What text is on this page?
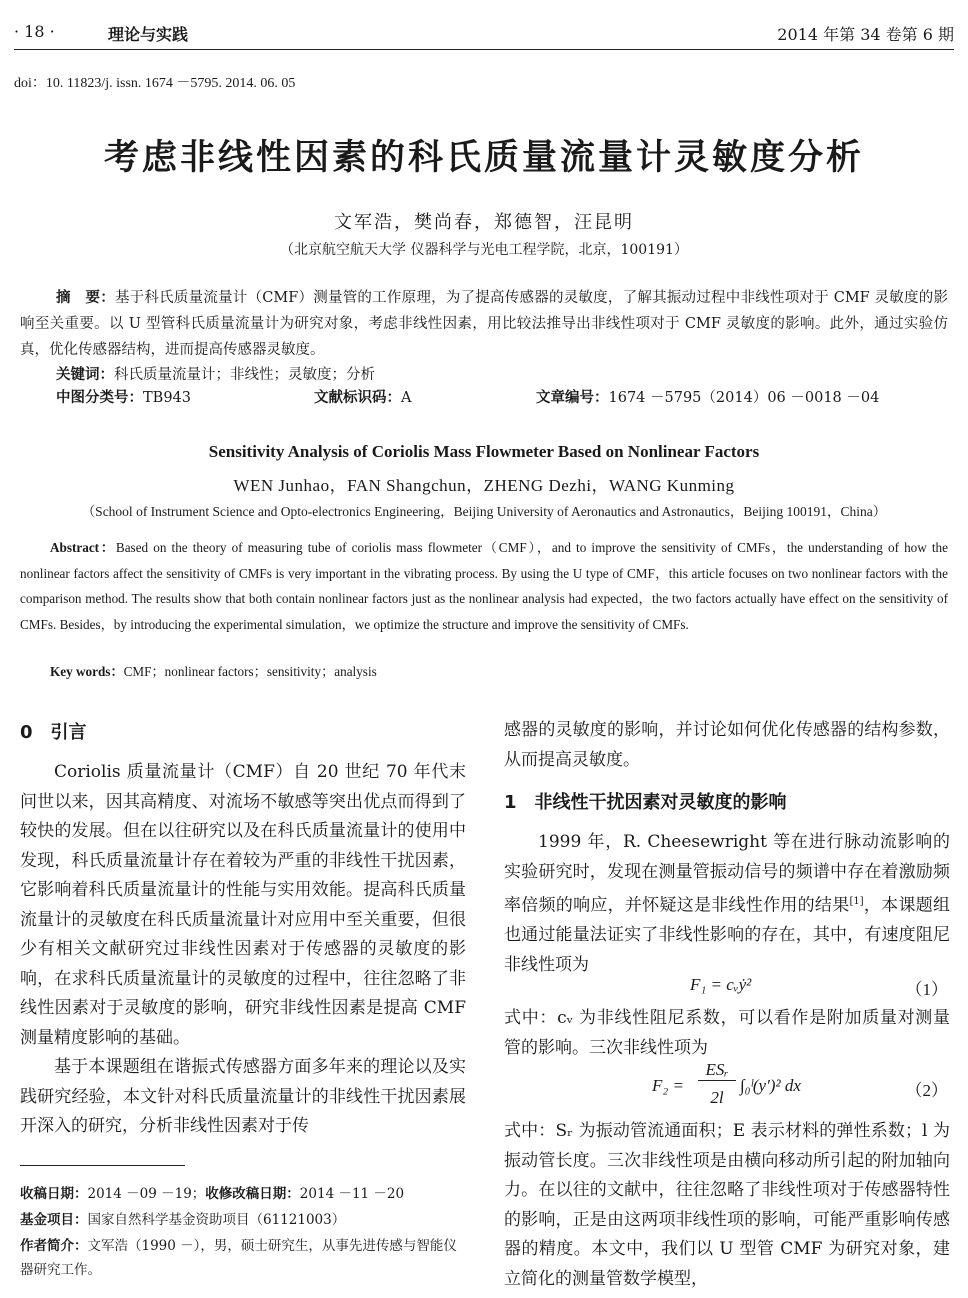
· 18 ·	理论与实践	2014 年第 34 卷第 6 期
doi：10. 11823/j. issn. 1674 －5795. 2014. 06. 05
考虑非线性因素的科氏质量流量计灵敏度分析
文军浩，樊尚春，郑德智，汪昆明
（北京航空航天大学 仪器科学与光电工程学院，北京，100191）
摘　要：基于科氏质量流量计（CMF）测量管的工作原理，为了提高传感器的灵敏度，了解其振动过程中非线性项对于 CMF 灵敏度的影响至关重要。以 U 型管科氏质量流量计为研究对象，考虑非线性因素，用比较法推导出非线性项对于 CMF 灵敏度的影响。此外，通过实验仿真，优化传感器结构，进而提高传感器灵敏度。
关键词：科氏质量流量计；非线性；灵敏度；分析
中图分类号：TB943	文献标识码：A	文章编号：1674 －5795（2014）06 －0018 －04
Sensitivity Analysis of Coriolis Mass Flowmeter Based on Nonlinear Factors
WEN Junhao，FAN Shangchun，ZHENG Dezhi，WANG Kunming
（School of Instrument Science and Opto-electronics Engineering，Beijing University of Aeronautics and Astronautics，Beijing 100191，China）
Abstract：Based on the theory of measuring tube of coriolis mass flowmeter（CMF），and to improve the sensitivity of CMFs，the understanding of how the nonlinear factors affect the sensitivity of CMFs is very important in the vibrating process. By using the U type of CMF，this article focuses on two nonlinear factors with the comparison method. The results show that both contain nonlinear factors just as the nonlinear analysis had expected，the two factors actually have effect on the sensitivity of CMFs. Besides，by introducing the experimental simulation，we optimize the structure and improve the sensitivity of CMFs.
Key words：CMF；nonlinear factors；sensitivity；analysis
0　引言

Coriolis 质量流量计（CMF）自 20 世纪 70 年代末问世以来，因其高精度、对流场不敏感等突出优点而得到了较快的发展。但在以往研究以及在科氏质量流量计的使用中发现，科氏质量流量计存在着较为严重的非线性干扰因素，它影响着科氏质量流量计的性能与实用效能。提高科氏质量流量计的灵敏度在科氏质量流量计对应用中至关重要，但很少有相关文献研究过非线性因素对于传感器的灵敏度的影响，在求科氏质量流量计的灵敏度的过程中，往往忽略了非线性因素对于灵敏度的影响，研究非线性因素是提高 CMF 测量精度影响的基础。

基于本课题组在谐振式传感器方面多年来的理论以及实践研究经验，本文针对科氏质量流量计的非线性干扰因素展开深入的研究，分析非线性因素对于传

收稿日期：2014 －09 －19；收修改稿日期：2014 －11 －20
基金项目：国家自然科学基金资助项目（61121003）
作者简介：文军浩（1990 －），男，硕士研究生，从事先进传感与智能仪器研究工作。

感器的灵敏度的影响，并讨论如何优化传感器的结构参数，从而提高灵敏度。

1　非线性干扰因素对灵敏度的影响

1999 年，R. Cheesewright 等在进行脉动流影响的实验研究时，发现在测量管振动信号的频谱中存在着激励频率倍频的响应，并怀疑这是非线性作用的结果[1]，本课题组也通过能量法证实了非线性影响的存在，其中，有速度阻尼非线性项为

F₁ = cᵥẏ²	（1）

式中：cᵥ 为非线性阻尼系数，可以看作是附加质量对测量管的影响。三次非线性项为

F₂ =
ESᵣ
2l
∫₀ˡ(y′)² dx	（2）

式中：Sᵣ 为振动管流通面积；E 表示材料的弹性系数；l 为振动管长度。三次非线性项是由横向移动所引起的附加轴向力。在以往的文献中，往往忽略了非线性项对于传感器特性的影响，正是由这两项非线性项的影响，可能严重影响传感器的精度。本文中，我们以 U 型管 CMF 为研究对象，建立简化的测量管数学模型，
